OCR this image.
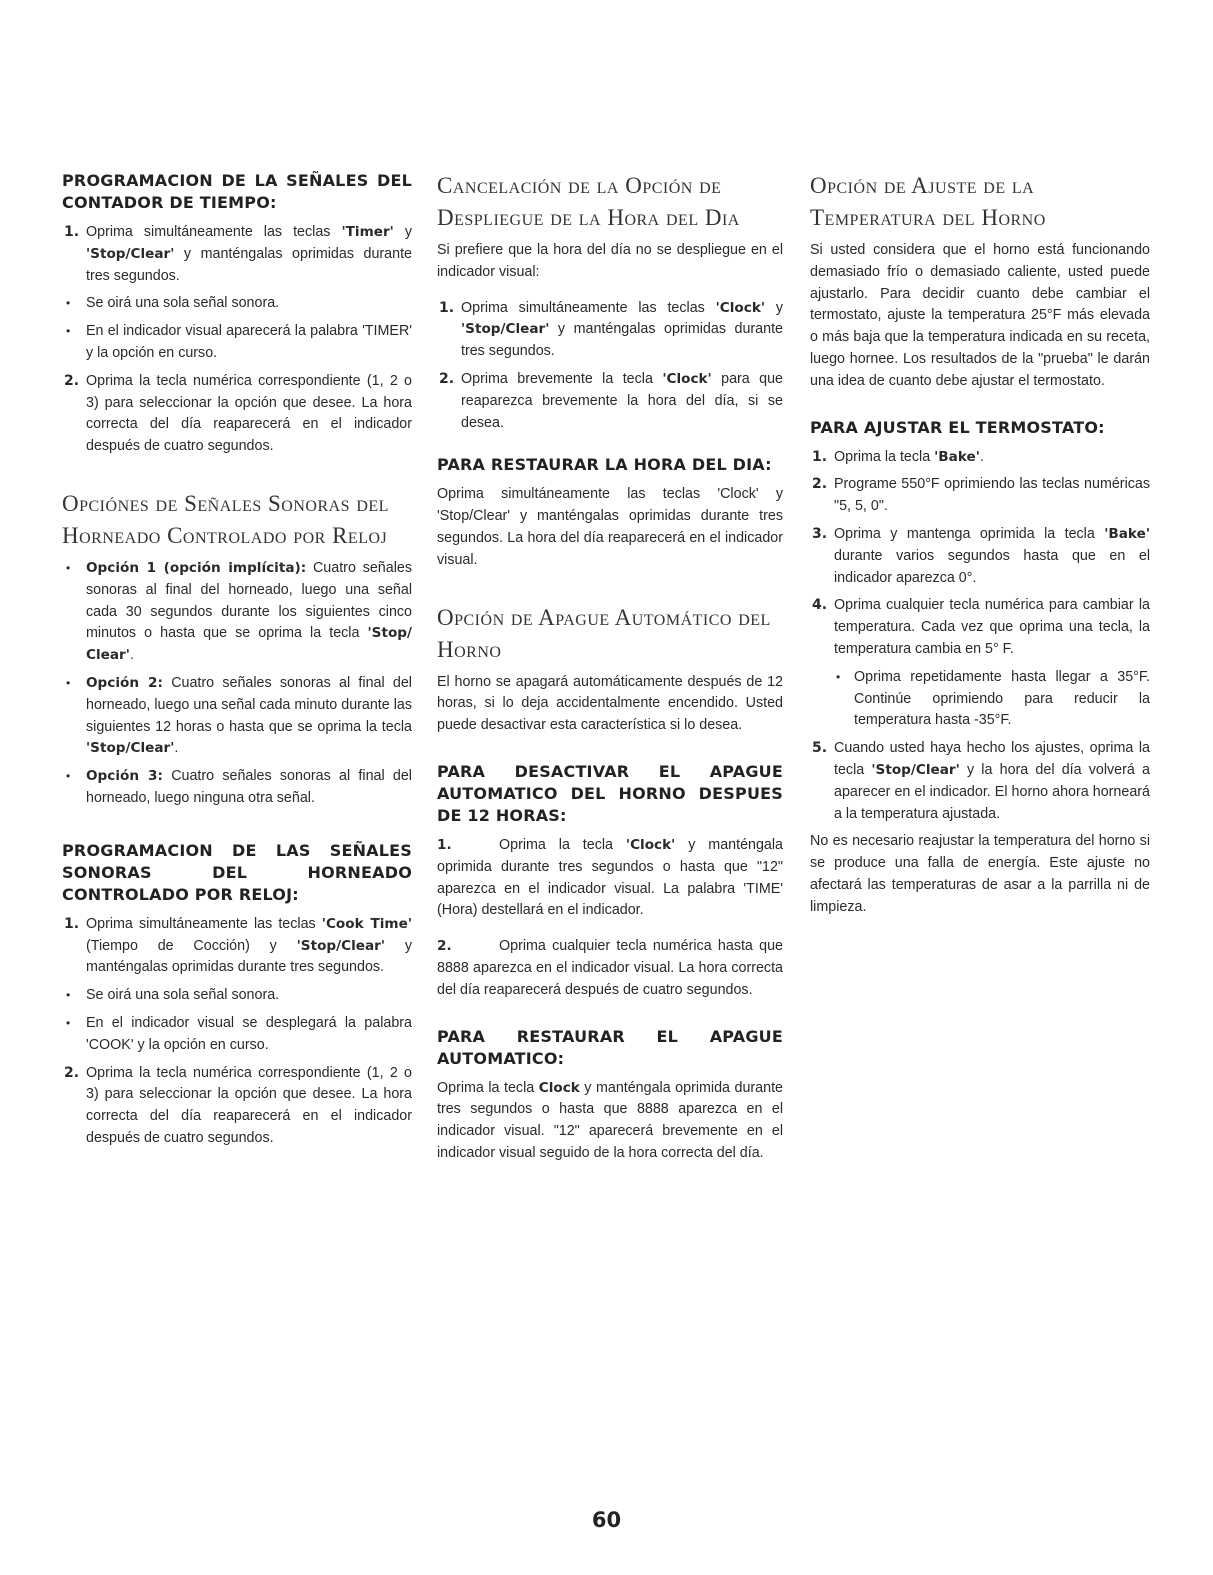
PROGRAMACION DE LA SEÑALES DEL CONTADOR DE TIEMPO:
1. Oprima simultáneamente las teclas 'Timer' y 'Stop/Clear' y manténgalas oprimidas durante tres segundos.
• Se oirá una sola señal sonora.
• En el indicador visual aparecerá la palabra 'TIMER' y la opción en curso.
2. Oprima la tecla numérica correspondiente (1, 2 o 3) para seleccionar la opción que desee. La hora correcta del día reaparecerá en el indicador después de cuatro segundos.
Opciónes de Señales Sonoras del Horneado Controlado por Reloj
• Opción 1 (opción implícita): Cuatro señales sonoras al final del horneado, luego una señal cada 30 segundos durante los siguientes cinco minutos o hasta que se oprima la tecla 'Stop/ Clear'.
• Opción 2: Cuatro señales sonoras al final del horneado, luego una señal cada minuto durante las siguientes 12 horas o hasta que se oprima la tecla 'Stop/Clear'.
• Opción 3: Cuatro señales sonoras al final del horneado, luego ninguna otra señal.
PROGRAMACION DE LAS SEÑALES SONORAS DEL HORNEADO CONTROLADO POR RELOJ:
1. Oprima simultáneamente las teclas 'Cook Time' (Tiempo de Cocción) y 'Stop/Clear' y manténgalas oprimidas durante tres segundos.
• Se oirá una sola señal sonora.
• En el indicador visual se desplegará la palabra 'COOK' y la opción en curso.
2. Oprima la tecla numérica correspondiente (1, 2 o 3) para seleccionar la opción que desee. La hora correcta del día reaparecerá en el indicador después de cuatro segundos.
Cancelación de la Opción de Despliegue de la Hora del Dia

Si prefiere que la hora del día no se despliegue en el indicador visual:

1. Oprima simultáneamente las teclas 'Clock' y 'Stop/Clear' y manténgalas oprimidas durante tres segundos.
2. Oprima brevemente la tecla 'Clock' para que reaparezca brevemente la hora del día, si se desea.
PARA RESTAURAR LA HORA DEL DIA:

Oprima simultáneamente las teclas 'Clock' y 'Stop/Clear' y manténgalas oprimidas durante tres segundos. La hora del día reaparecerá en el indicador visual.

Opción de Apague Automático del Horno

El horno se apagará automáticamente después de 12 horas, si lo deja accidentalmente encendido. Usted puede desactivar esta característica si lo desea.

PARA DESACTIVAR EL APAGUE AUTOMATICO DEL HORNO DESPUES DE 12 HORAS:

1.	Oprima la tecla 'Clock' y manténgala oprimida durante tres segundos o hasta que "12" aparezca en el indicador visual. La palabra 'TIME' (Hora) destellará en el indicador.

2.	Oprima cualquier tecla numérica hasta que 8888 aparezca en el indicador visual. La hora correcta del día reaparecerá después de cuatro segundos.

PARA RESTAURAR EL APAGUE AUTOMATICO:

Oprima la tecla Clock y manténgala oprimida durante tres segundos o hasta que 8888 aparezca en el indicador visual. "12" aparecerá brevemente en el indicador visual seguido de la hora correcta del día.

Opción de Ajuste de la Temperatura del Horno

Si usted considera que el horno está funcionando demasiado frío o demasiado caliente, usted puede ajustarlo. Para decidir cuanto debe cambiar el termostato, ajuste la temperatura 25°F más elevada o más baja que la temperatura indicada en su receta, luego hornee. Los resultados de la "prueba" le darán una idea de cuanto debe ajustar el termostato.

PARA AJUSTAR EL TERMOSTATO:
1. Oprima la tecla 'Bake'.
2. Programe 550°F oprimiendo las teclas numéricas "5, 5, 0".
3. Oprima y mantenga oprimida la tecla 'Bake' durante varios segundos hasta que en el indicador aparezca 0°.
4. Oprima cualquier tecla numérica para cambiar la temperatura. Cada vez que oprima una tecla, la temperatura cambia en 5° F.
• Oprima repetidamente hasta llegar a 35°F. Continúe oprimiendo para reducir la temperatura hasta -35°F.
5. Cuando usted haya hecho los ajustes, oprima la tecla 'Stop/Clear' y la hora del día volverá a aparecer en el indicador. El horno ahora horneará a la temperatura ajustada.

No es necesario reajustar la temperatura del horno si se produce una falla de energía. Este ajuste no afectará las temperaturas de asar a la parrilla ni de limpieza.

60
